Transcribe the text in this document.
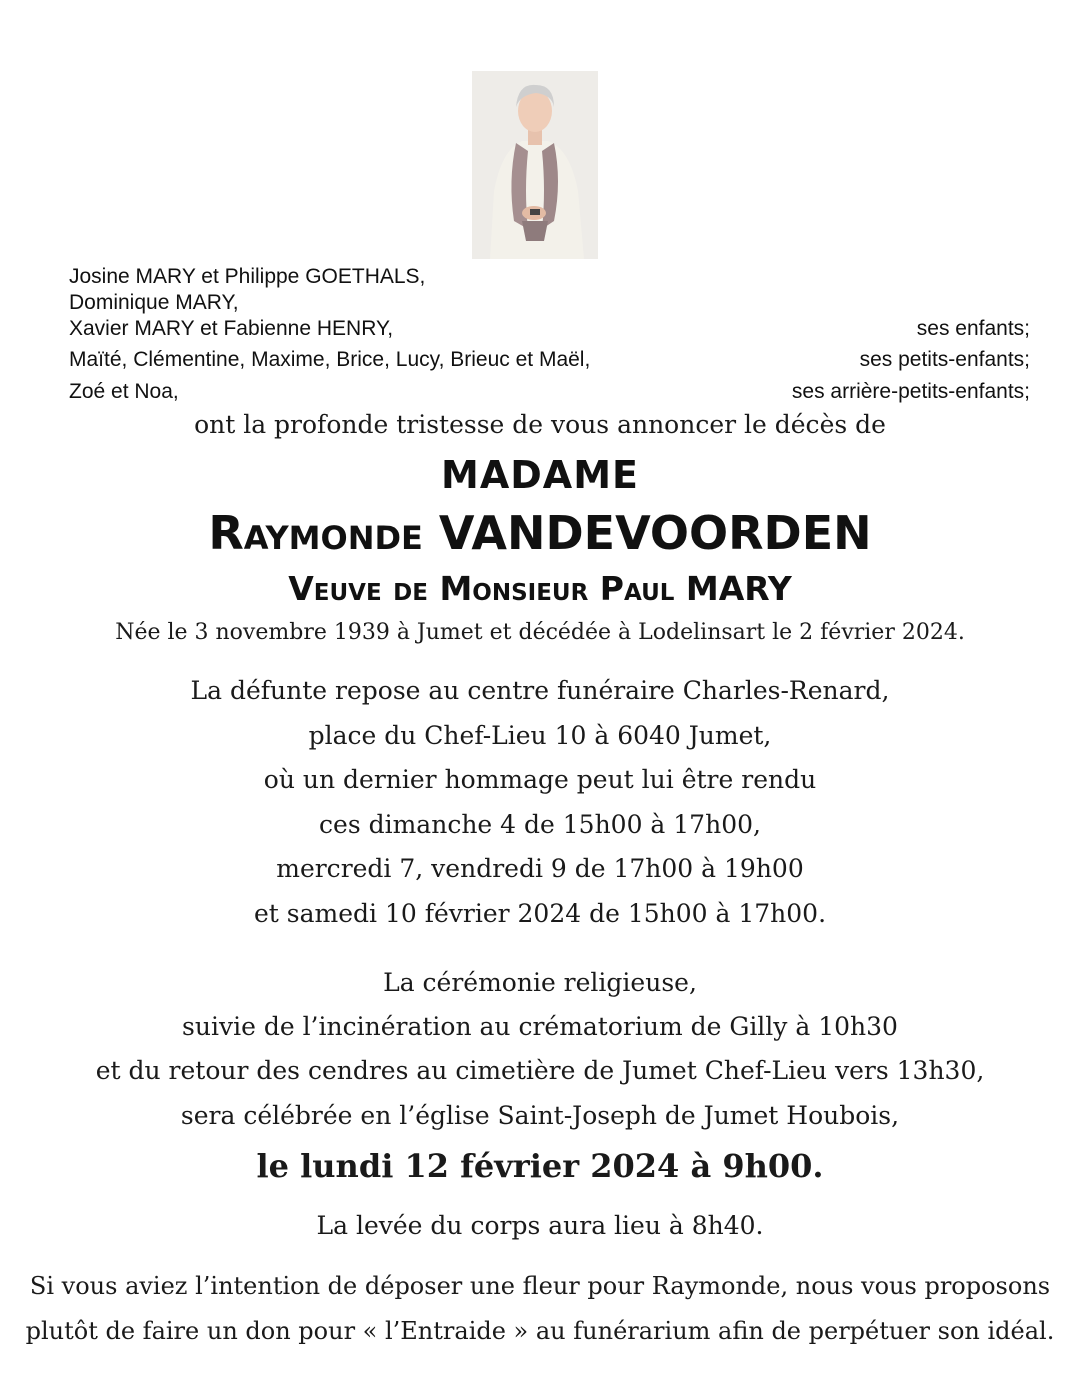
Josine MARY et Philippe GOETHALS,
Dominique MARY,
Xavier MARY et Fabienne HENRY,	ses enfants;
Maïté, Clémentine, Maxime, Brice, Lucy, Brieuc et Maël,	ses petits-enfants;
Zoé et Noa,	ses arrière-petits-enfants;
ont la profonde tristesse de vous annoncer le décès de
MADAME
Raymonde VANDEVOORDEN
Veuve de Monsieur Paul MARY
Née le 3 novembre 1939 à Jumet et décédée à Lodelinsart le 2 février 2024.
La défunte repose au centre funéraire Charles-Renard,
place du Chef-Lieu 10 à 6040 Jumet,
où un dernier hommage peut lui être rendu
ces dimanche 4 de 15h00 à 17h00,
mercredi 7, vendredi 9 de 17h00 à 19h00
et samedi 10 février 2024 de 15h00 à 17h00.
La cérémonie religieuse,
suivie de l’incinération au crématorium de Gilly à 10h30
et du retour des cendres au cimetière de Jumet Chef-Lieu vers 13h30,
sera célébrée en l’église Saint-Joseph de Jumet Houbois,
le lundi 12 février 2024 à 9h00.
La levée du corps aura lieu à 8h40.
Si vous aviez l’intention de déposer une fleur pour Raymonde, nous vous proposons
plutôt de faire un don pour « l’Entraide » au funérarium afin de perpétuer son idéal.
